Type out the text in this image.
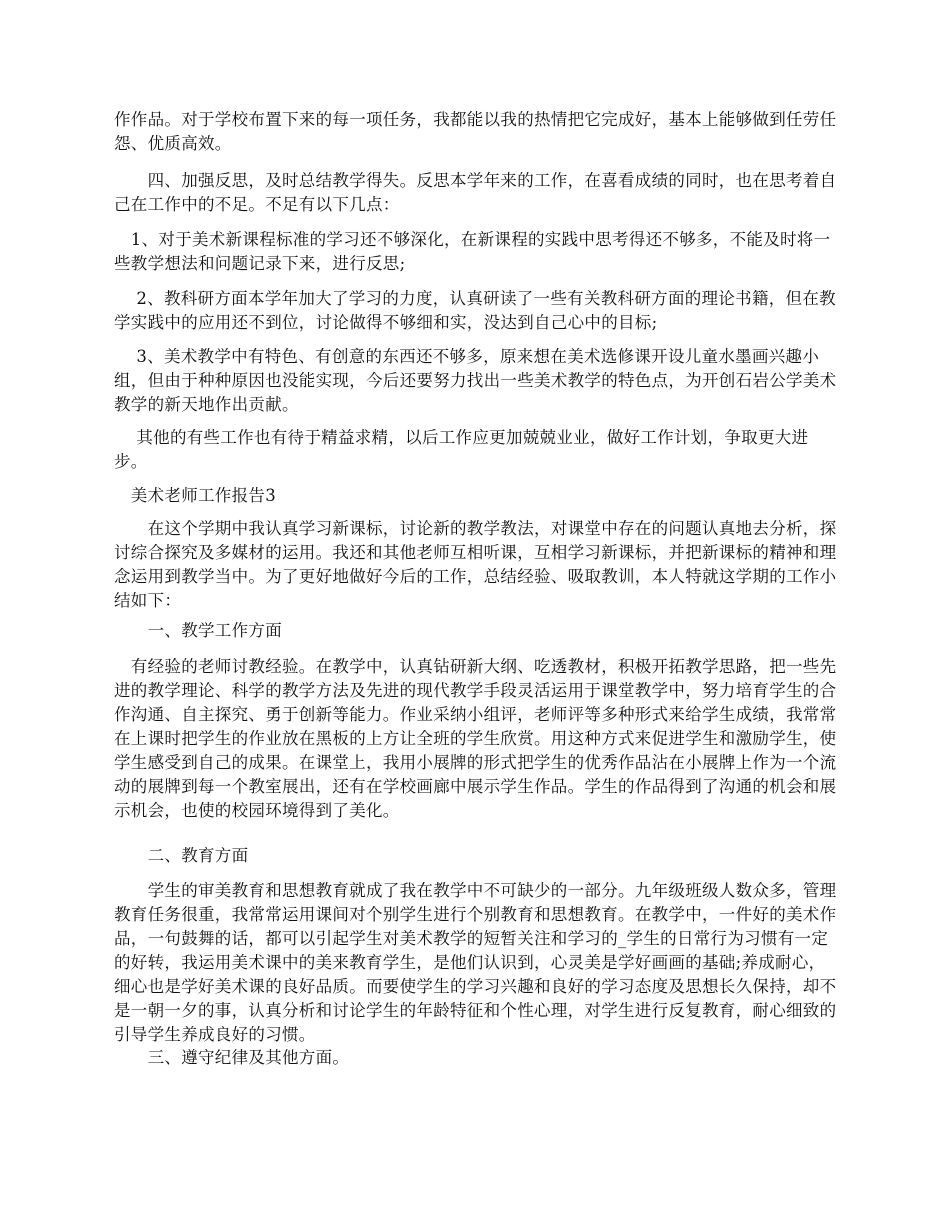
作作品。对于学校布置下来的每一项任务，我都能以我的热情把它完成好，基本上能够做到任劳任怨、优质高效。

　　四、加强反思，及时总结教学得失。反思本学年来的工作，在喜看成绩的同时，也在思考着自己在工作中的不足。不足有以下几点：

　1、对于美术新课程标准的学习还不够深化，在新课程的实践中思考得还不够多，不能及时将一些教学想法和问题记录下来，进行反思;

　 2、教科研方面本学年加大了学习的力度，认真研读了一些有关教科研方面的理论书籍，但在教学实践中的应用还不到位，讨论做得不够细和实，没达到自己心中的目标;

　 3、美术教学中有特色、有创意的东西还不够多，原来想在美术选修课开设儿童水墨画兴趣小组，但由于种种原因也没能实现，今后还要努力找出一些美术教学的特色点，为开创石岩公学美术教学的新天地作出贡献。

　 其他的有些工作也有待于精益求精，以后工作应更加兢兢业业，做好工作计划，争取更大进步。

　美术老师工作报告3

　　在这个学期中我认真学习新课标，讨论新的教学教法，对课堂中存在的问题认真地去分析，探讨综合探究及多媒材的运用。我还和其他老师互相听课，互相学习新课标，并把新课标的精神和理念运用到教学当中。为了更好地做好今后的工作，总结经验、吸取教训，本人特就这学期的工作小结如下：

　　一、教学工作方面

　有经验的老师讨教经验。在教学中，认真钻研新大纲、吃透教材，积极开拓教学思路，把一些先进的教学理论、科学的教学方法及先进的现代教学手段灵活运用于课堂教学中，努力培育学生的合作沟通、自主探究、勇于创新等能力。作业采纳小组评，老师评等多种形式来给学生成绩，我常常在上课时把学生的作业放在黑板的上方让全班的学生欣赏。用这种方式来促进学生和激励学生，使学生感受到自己的成果。在课堂上，我用小展牌的形式把学生的优秀作品沾在小展牌上作为一个流动的展牌到每一个教室展出，还有在学校画廊中展示学生作品。学生的作品得到了沟通的机会和展示机会，也使的校园环境得到了美化。

　　二、教育方面

　　学生的审美教育和思想教育就成了我在教学中不可缺少的一部分。九年级班级人数众多，管理教育任务很重，我常常运用课间对个别学生进行个别教育和思想教育。在教学中，一件好的美术作品，一句鼓舞的话，都可以引起学生对美术教学的短暂关注和学习的_学生的日常行为习惯有一定的好转，我运用美术课中的美来教育学生，是他们认识到，心灵美是学好画画的基础;养成耐心，细心也是学好美术课的良好品质。而要使学生的学习兴趣和良好的学习态度及思想长久保持，却不是一朝一夕的事，认真分析和讨论学生的年龄特征和个性心理，对学生进行反复教育，耐心细致的引导学生养成良好的习惯。

　　三、遵守纪律及其他方面。
